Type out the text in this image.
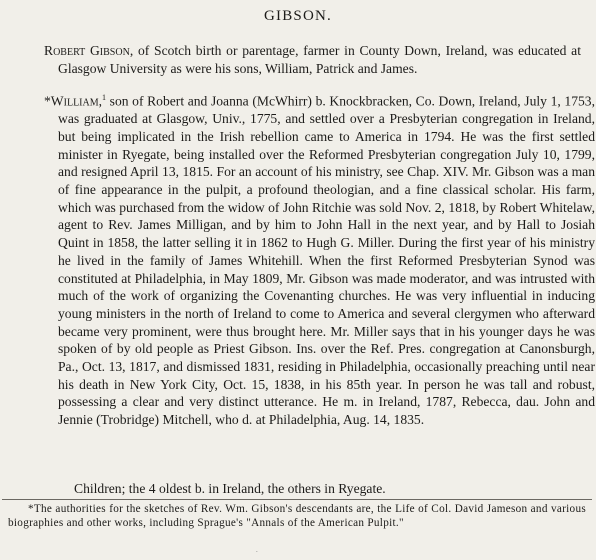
GIBSON.

Robert Gibson, of Scotch birth or parentage, farmer in County Down, Ireland, was educated at Glasgow University as were his sons, William, Patrick and James.

*William,$^1$ son of Robert and Joanna (McWhirr) b. Knockbracken, Co. Down, Ireland, July 1, 1753, was graduated at Glasgow, Univ., 1775, and settled over a Presbyterian congregation in Ireland, but being implicated in the Irish rebellion came to America in 1794. He was the first settled minister in Ryegate, being installed over the Reformed Presbyterian congregation July 10, 1799, and resigned April 13, 1815. For an account of his ministry, see Chap. XIV. Mr. Gibson was a man of fine appearance in the pulpit, a profound theologian, and a fine classical scholar. His farm, which was purchased from the widow of John Ritchie was sold Nov. 2, 1818, by Robert Whitelaw, agent to Rev. James Milligan, and by him to John Hall in the next year, and by Hall to Josiah Quint in 1858, the latter selling it in 1862 to Hugh G. Miller. During the first year of his ministry he lived in the family of James Whitehill. When the first Reformed Presbyterian Synod was constituted at Philadelphia, in May 1809, Mr. Gibson was made moderator, and was intrusted with much of the work of organizing the Covenanting churches. He was very influential in inducing young ministers in the north of Ireland to come to America and several clergymen who afterward became very prominent, were thus brought here. Mr. Miller says that in his younger days he was spoken of by old people as Priest Gibson. Ins. over the Ref. Pres. congregation at Canonsburgh, Pa., Oct. 13, 1817, and dismissed 1831, residing in Philadelphia, occasionally preaching until near his death in New York City, Oct. 15, 1838, in his 85th year. In person he was tall and robust, possessing a clear and very distinct utterance. He m. in Ireland, 1787, Rebecca, dau. John and Jennie (Trobridge) Mitchell, who d. at Philadelphia, Aug. 14, 1835.

Children; the 4 oldest b. in Ireland, the others in Ryegate.

*The authorities for the sketches of Rev. Wm. Gibson's descendants are, the Life of Col. David Jameson and various biographies and other works, including Sprague's "Annals of the American Pulpit."

.
